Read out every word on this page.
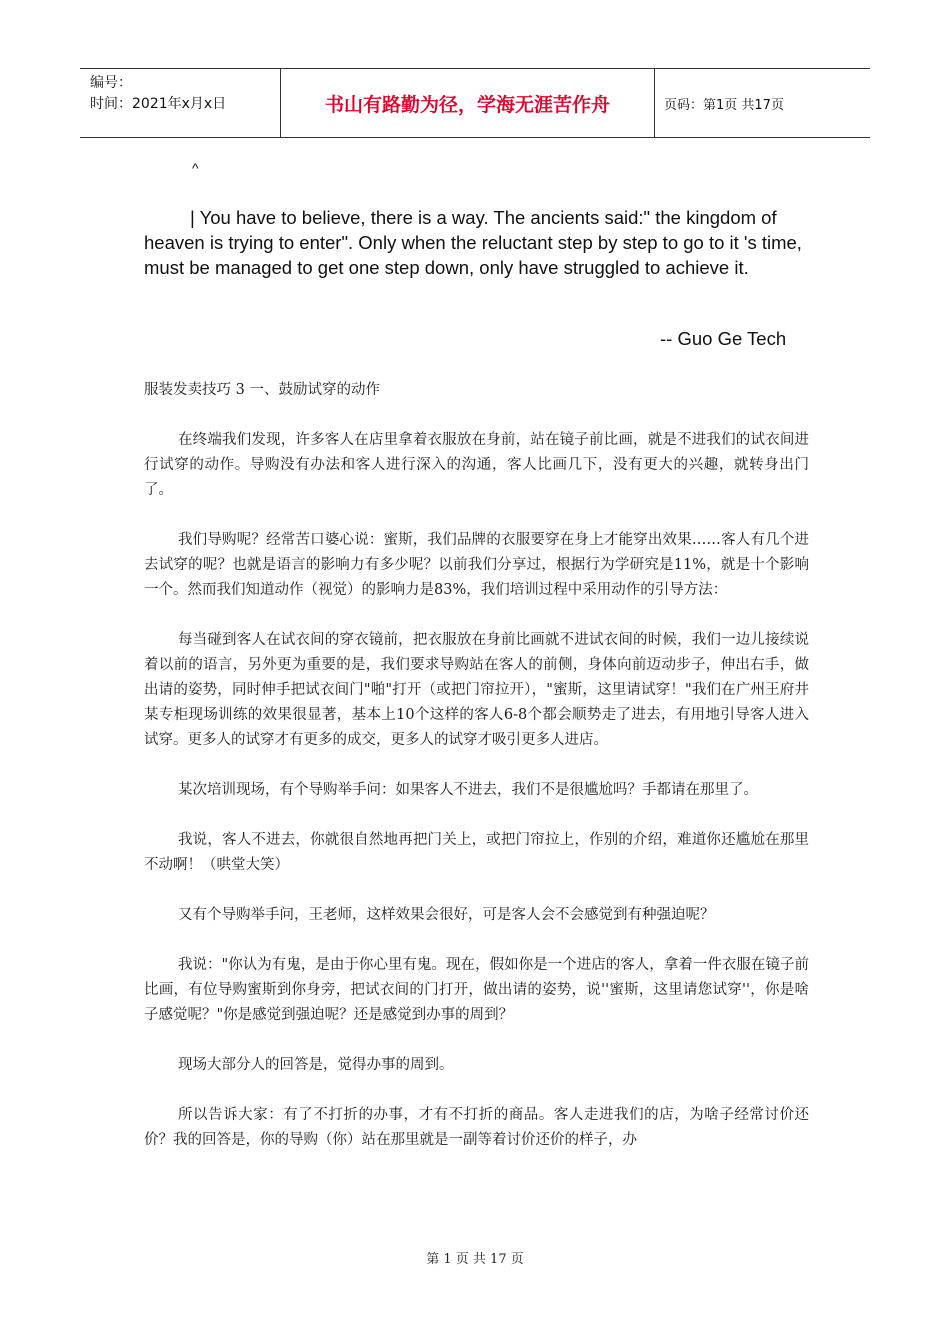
编号：
时间：2021年x月x日	书山有路勤为径，学海无涯苦作舟	页码：第1页 共17页
^

| You have to believe, there is a way. The ancients said:" the kingdom of heaven is trying to enter". Only when the reluctant step by step to go to it 's time, must be managed to get one step down, only have struggled to achieve it.

-- Guo Ge Tech

服装发卖技巧 3 一、鼓励试穿的动作

在终端我们发现，许多客人在店里拿着衣服放在身前，站在镜子前比画，就是不进我们的试衣间进行试穿的动作。导购没有办法和客人进行深入的沟通，客人比画几下，没有更大的兴趣，就转身出门了。

我们导购呢？经常苦口婆心说：蜜斯，我们品牌的衣服要穿在身上才能穿出效果……客人有几个进去试穿的呢？也就是语言的影响力有多少呢？以前我们分享过，根据行为学研究是11%，就是十个影响一个。然而我们知道动作（视觉）的影响力是83%，我们培训过程中采用动作的引导方法：

每当碰到客人在试衣间的穿衣镜前，把衣服放在身前比画就不进试衣间的时候，我们一边儿接续说着以前的语言，另外更为重要的是，我们要求导购站在客人的前侧，身体向前迈动步子，伸出右手，做出请的姿势，同时伸手把试衣间门"啪"打开（或把门帘拉开），"蜜斯，这里请试穿！"我们在广州王府井某专柜现场训练的效果很显著，基本上10个这样的客人6-8个都会顺势走了进去，有用地引导客人进入试穿。更多人的试穿才有更多的成交，更多人的试穿才吸引更多人进店。

某次培训现场，有个导购举手问：如果客人不进去，我们不是很尴尬吗？手都请在那里了。

我说，客人不进去，你就很自然地再把门关上，或把门帘拉上，作别的介绍，难道你还尴尬在那里不动啊！（哄堂大笑）

又有个导购举手问，王老师，这样效果会很好，可是客人会不会感觉到有种强迫呢？

我说："你认为有鬼，是由于你心里有鬼。现在，假如你是一个进店的客人，拿着一件衣服在镜子前比画，有位导购蜜斯到你身旁，把试衣间的门打开，做出请的姿势，说''蜜斯，这里请您试穿''，你是啥子感觉呢？"你是感觉到强迫呢？还是感觉到办事的周到？

现场大部分人的回答是，觉得办事的周到。

所以告诉大家：有了不打折的办事，才有不打折的商品。客人走进我们的店，为啥子经常讨价还价？我的回答是，你的导购（你）站在那里就是一副等着讨价还价的样子，办

第 1 页 共 17 页
